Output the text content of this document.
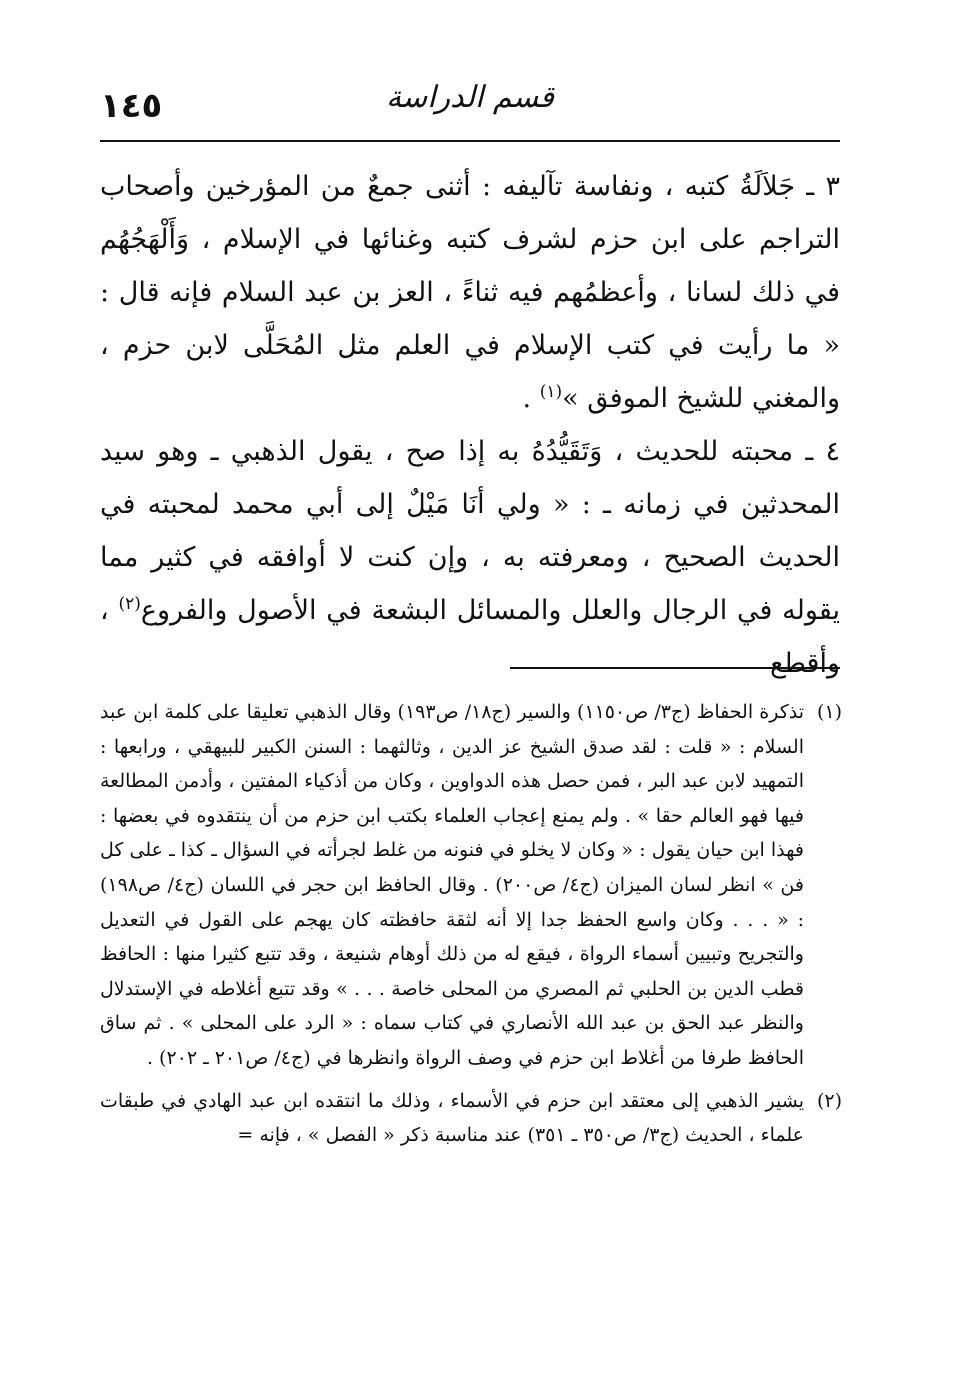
١٤٥	قسم الدراسة

٣ ـ جَلاَلَةُ كتبه ، ونفاسة تآليفه : أثنى جمعٌ من المؤرخين وأصحاب التراجم على ابن حزم لشرف كتبه وغنائها في الإسلام ، وَأَلْهَجُهُم في ذلك لسانا ، وأعظمُهم فيه ثناءً ، العز بن عبد السلام فإنه قال : « ما رأيت في كتب الإسلام في العلم مثل المُحَلَّى لابن حزم ، والمغني للشيخ الموفق »$^{(١)}$ .

٤ ـ محبته للحديث ، وَتَقَيُّدُهُ به إذا صح ، يقول الذهبي ـ وهو سيد المحدثين في زمانه ـ : « ولي أنَا مَيْلٌ إلى أبي محمد لمحبته في الحديث الصحيح ، ومعرفته به ، وإن كنت لا أوافقه في كثير مما يقوله في الرجال والعلل والمسائل البشعة في الأصول والفروع$^{(٢)}$ ، وأقطع

(١)
تذكرة الحفاظ (ج٣/ ص١١٥٠) والسير (ج١٨/ ص١٩٣) وقال الذهبي تعليقا على كلمة ابن عبد السلام : « قلت : لقد صدق الشيخ عز الدين ، وثالثهما : السنن الكبير للبيهقي ، ورابعها : التمهيد لابن عبد البر ، فمن حصل هذه الدواوين ، وكان من أذكياء المفتين ، وأدمن المطالعة فيها فهو العالم حقا » . ولم يمنع إعجاب العلماء بكتب ابن حزم من أن ينتقدوه في بعضها : فهذا ابن حيان يقول : « وكان لا يخلو في فنونه من غلط لجرأته في السؤال ـ كذا ـ على كل فن » انظر لسان الميزان (ج٤/ ص٢٠٠) . وقال الحافظ ابن حجر في اللسان (ج٤/ ص١٩٨) : « . . . وكان واسع الحفظ جدا إلا أنه لثقة حافظته كان يهجم على القول في التعديل والتجريح وتبيين أسماء الرواة ، فيقع له من ذلك أوهام شنيعة ، وقد تتبع كثيرا منها : الحافظ قطب الدين بن الحلبي ثم المصري من المحلى خاصة . . . » وقد تتبع أغلاطه في الإستدلال والنظر عبد الحق بن عبد الله الأنصاري في كتاب سماه : « الرد على المحلى » . ثم ساق الحافظ طرفا من أغلاط ابن حزم في وصف الرواة وانظرها في (ج٤/ ص٢٠١ ـ ٢٠٢) .
(٢)
يشير الذهبي إلى معتقد ابن حزم في الأسماء ، وذلك ما انتقده ابن عبد الهادي في طبقات علماء ، الحديث (ج٣/ ص٣٥٠ ـ ٣٥١) عند مناسبة ذكر « الفصل » ، فإنه =
